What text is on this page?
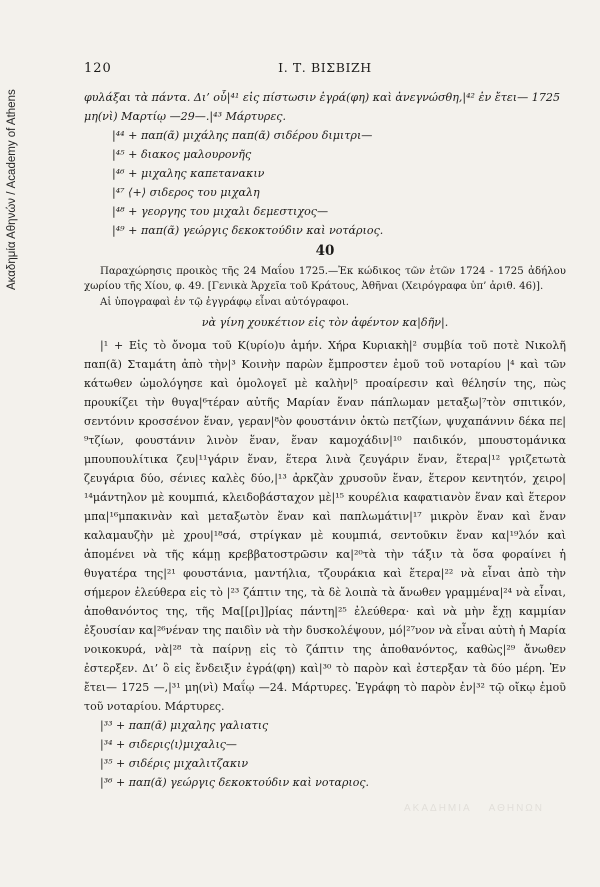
Ακαδημία Αθηνών / Academy of Athens
120	Ι. Τ. ΒΙΣΒΙΖΗ

φυλάξαι τὰ πάντα. Δι’ οὗ|⁴¹ εἰς πίστωσιν ἐγρά(φη) καὶ ἀνεγνώσθη,|⁴² ἐν ἔτει— 1725 μη(νὶ) Μαρτίῳ —29—.|⁴³ Μάρτυρες.

|⁴⁴ + παπ(ᾶ) μιχάλης παπ(ᾶ) σιδέρου διμιτρι—

|⁴⁵ + διακος μαλουρονῆς

|⁴⁶ + μιχαλης καπετανακιν

|⁴⁷ ⟨+⟩ σιδερος του μιχαλη

|⁴⁸ + γεοργης του μιχαλι δεμεστιχος—

|⁴⁹ + παπ(ᾶ) γεώργις δεκοκτούδιν καὶ νοτάριος.

40

Παραχώρησις προικὸς τῆς 24 Μαΐου 1725.—Ἐκ κώδικος τῶν ἐτῶν 1724 - 1725 ἀδήλου χωρίου τῆς Χίου, φ. 49. [Γενικὰ Ἀρχεῖα τοῦ Κράτους, Ἀθῆναι (Χειρόγραφα ὑπ’ ἀριθ. 46)].

Αἱ ὑπογραφαὶ ἐν τῷ ἐγγράφῳ εἶναι αὐτόγραφοι.

νὰ γίνη χουκέτιον εἰς τὸν ἀφέντον κα|δῆν|.

|¹ + Εἰς τὸ ὄνομα τοῦ Κ(υρίο)υ ἀμήν. Χήρα Κυριακὴ|² συμβία τοῦ ποτὲ Νικολῆ παπ(ᾶ) Σταμάτη ἀπὸ τὴν|³ Κοινὴν παρὼν ἔμπροστεν ἐμοῦ τοῦ νοταρίου |⁴ καὶ τῶν κάτωθεν ὡμολόγησε καὶ ὁμολογεῖ μὲ καλὴν|⁵ προαίρεσιν καὶ θέλησίν της, πὼς προυκίζει τὴν θυγα|⁶τέραν αὐτῆς Μαρίαν ἕναν πάπλωμαν μεταξω|⁷τὸν σπιτικόν, σεντόνιν κροσσένον ἕναν, γεραν|⁸ὸν φουστάνιν ὀκτὼ πετζίων, ψυχαπάννιν δέκα πε|⁹τζίων, φουστάνιν λινὸν ἕναν, ἕναν καμοχάδιν|¹⁰ παιδικόν, μπουστομάνικα μπουπουλίτικα ζευ|¹¹γάριν ἕναν, ἕτερα λινὰ ζευγάριν ἕναν, ἕτερα|¹² γριζετωτὰ ζευγάρια δύο, σένιες καλὲς δύο,|¹³ ἀρκζὰν χρυσοῦν ἕναν, ἕτερον κεντητόν, χειρο|¹⁴μάντηλον μὲ κουμπιά, κλειδοβάσταχον μὲ|¹⁵ κουρέλια καφατιανὸν ἕναν καὶ ἕτερον μπα|¹⁶μπακινὰν καὶ μεταξωτὸν ἕναν καὶ παπλωμάτιν|¹⁷ μικρὸν ἕναν καὶ ἕναν καλαμαυζὴν μὲ χρου|¹⁸σά, στρίγκαν μὲ κουμπιά, σεντοῦκιν ἕναν κα|¹⁹λόν καὶ ἀπομένει νὰ τῆς κάμῃ κρεββατοστρῶσιν κα|²⁰τὰ τὴν τάξιν τὰ ὅσα φοραίνει ἡ θυγατέρα της|²¹ φουστάνια, μαντήλια, τζουράκια καὶ ἕτερα|²² νὰ εἶναι ἀπὸ τὴν σήμερον ἐλεύθερα εἰς τὸ |²³ ζάπτιν της, τὰ δὲ λοιπὰ τὰ ἄνωθεν γραμμένα|²⁴ νὰ εἶναι, ἀποθανόντος της, τῆς Μα[[ρι]]ρίας πάντη|²⁵ ἐλεύθερα· καὶ νὰ μὴν ἔχῃ καμμίαν ἐξουσίαν κα|²⁶νέναν της παιδὶν νὰ τὴν δυσκολέψουν, μό|²⁷νον νὰ εἶναι αὐτὴ ἡ Μαρία νοικοκυρά, νὰ|²⁸ τὰ παίρνῃ εἰς τὸ ζάπτιν της ἀποθανόντος, καθὼς|²⁹ ἄνωθεν ἐστερξεν. Δι’ ὃ εἰς ἔνδειξιν ἐγρά(φη) καὶ|³⁰ τὸ παρὸν καὶ ἐστερξαν τὰ δύο μέρη. Ἐν ἔτει— 1725 —,|³¹ μη(νὶ) Μαΐῳ —24. Μάρτυρες. Ἐγράφη τὸ παρὸν ἐν|³² τῷ οἴκῳ ἐμοῦ τοῦ νοταρίου. Μάρτυρες.

|³³ + παπ(ᾶ) μιχαλης γαλιατις

|³⁴ + σιδερις⟨ι⟩μιχαλις—

|³⁵ + σιδέρις μιχαλιτζακιν

|³⁶ + παπ(ᾶ) γεώργις δεκοκτούδιν καὶ νοταριος.

ΑΚΑΔΗΜΙΑ ΑΘΗΝΩΝ
